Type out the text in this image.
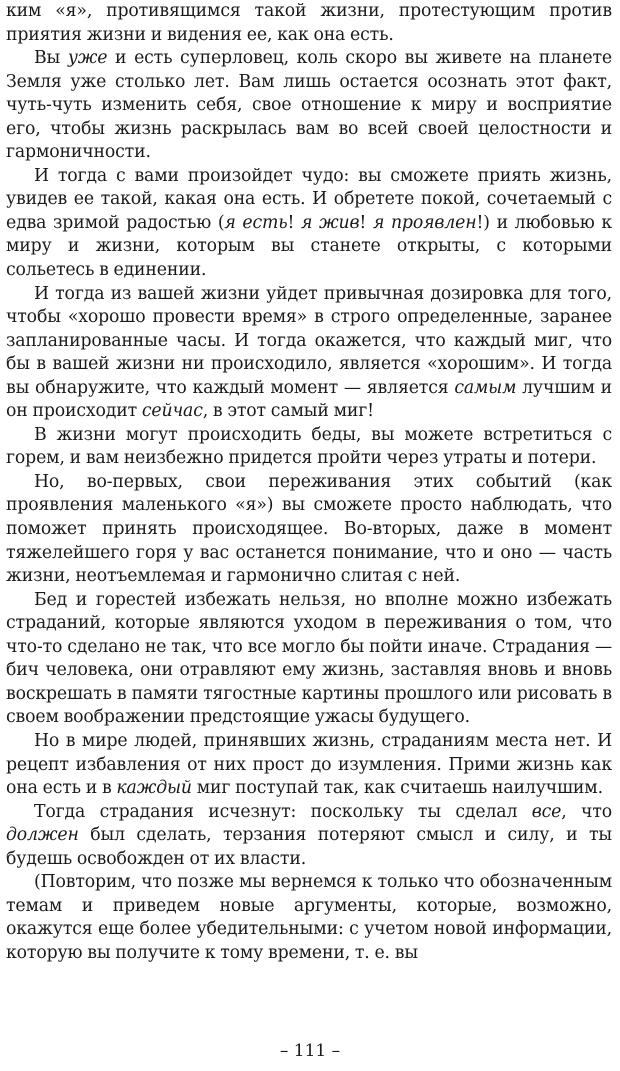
ким «я», противящимся такой жизни, протестующим против приятия жизни и видения ее, как она есть.

Вы уже и есть суперловец, коль скоро вы живете на планете Земля уже столько лет. Вам лишь остается осознать этот факт, чуть-чуть изменить себя, свое отношение к миру и восприятие его, чтобы жизнь раскрылась вам во всей своей целостности и гармоничности.

И тогда с вами произойдет чудо: вы сможете приять жизнь, увидев ее такой, какая она есть. И обретете покой, сочетаемый с едва зримой радостью (я есть! я жив! я проявлен!) и любовью к миру и жизни, которым вы станете открыты, с которыми сольетесь в единении.

И тогда из вашей жизни уйдет привычная дозировка для того, чтобы «хорошо провести время» в строго определенные, заранее запланированные часы. И тогда окажется, что каждый миг, что бы в вашей жизни ни происходило, является «хорошим». И тогда вы обнаружите, что каждый момент — является самым лучшим и он происходит сейчас, в этот самый миг!

В жизни могут происходить беды, вы можете встретиться с горем, и вам неизбежно придется пройти через утраты и потери.

Но, во-первых, свои переживания этих событий (как проявления маленького «я») вы сможете просто наблюдать, что поможет принять происходящее. Во-вторых, даже в момент тяжелейшего горя у вас останется понимание, что и оно — часть жизни, неотъемлемая и гармонично слитая с ней.

Бед и горестей избежать нельзя, но вполне можно избежать страданий, которые являются уходом в переживания о том, что что-то сделано не так, что все могло бы пойти иначе. Страдания — бич человека, они отравляют ему жизнь, заставляя вновь и вновь воскрешать в памяти тягостные картины прошлого или рисовать в своем воображении предстоящие ужасы будущего.

Но в мире людей, принявших жизнь, страданиям места нет. И рецепт избавления от них прост до изумления. Прими жизнь как она есть и в каждый миг поступай так, как считаешь наилучшим.

Тогда страдания исчезнут: поскольку ты сделал все, что должен был сделать, терзания потеряют смысл и силу, и ты будешь освобожден от их власти.

(Повторим, что позже мы вернемся к только что обозначенным темам и приведем новые аргументы, которые, возможно, окажутся еще более убедительными: с учетом новой информации, которую вы получите к тому времени, т. е. вы

– 111 –
